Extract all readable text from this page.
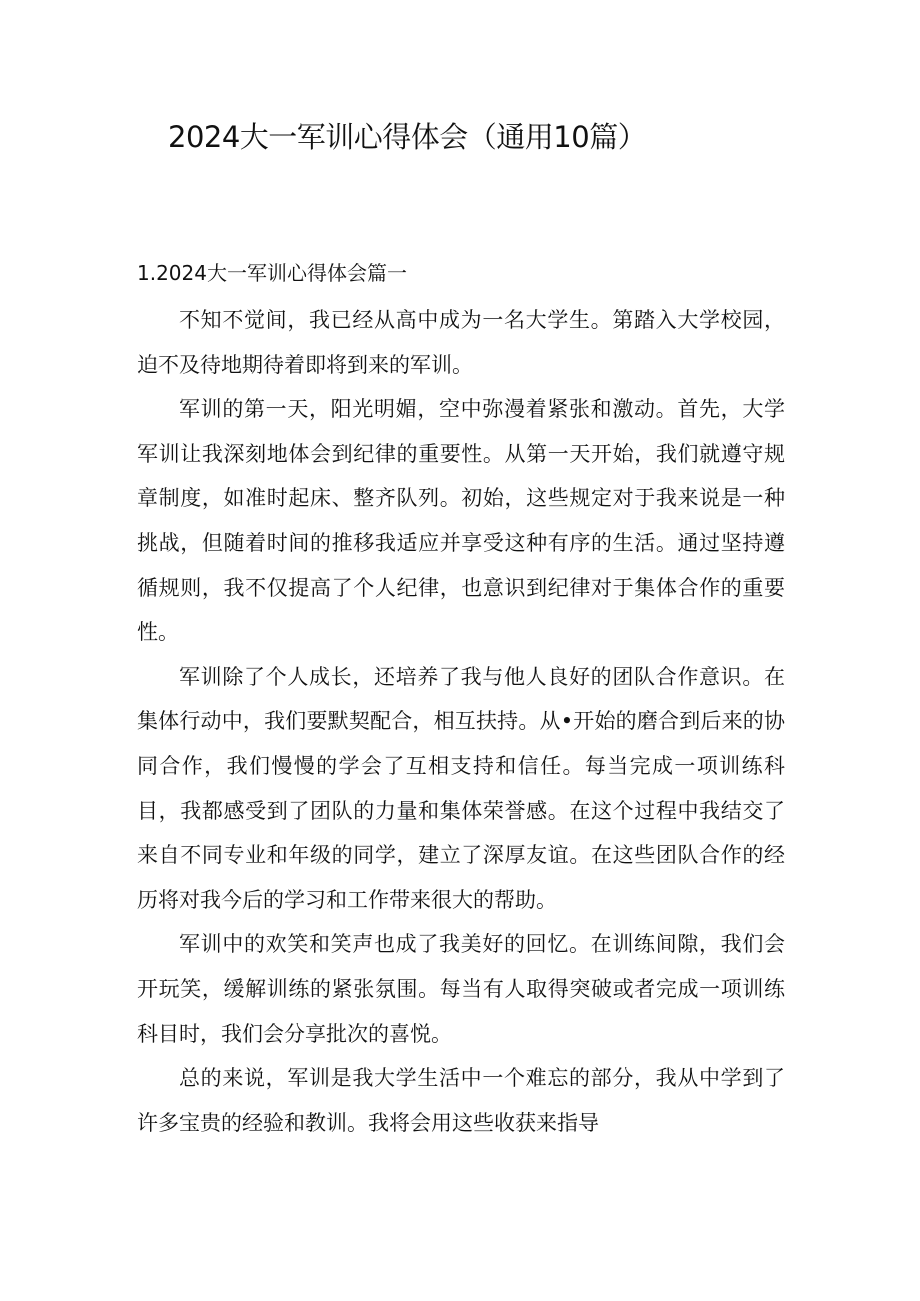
2024大一军训心得体会（通用10篇）
1.2024大一军训心得体会篇一

不知不觉间，我已经从高中成为一名大学生。第踏入大学校园，迫不及待地期待着即将到来的军训。

军训的第一天，阳光明媚，空中弥漫着紧张和激动。首先，大学军训让我深刻地体会到纪律的重要性。从第一天开始，我们就遵守规章制度，如准时起床、整齐队列。初始，这些规定对于我来说是一种挑战，但随着时间的推移我适应并享受这种有序的生活。通过坚持遵循规则，我不仅提高了个人纪律，也意识到纪律对于集体合作的重要性。

军训除了个人成长，还培养了我与他人良好的团队合作意识。在集体行动中，我们要默契配合，相互扶持。从•开始的磨合到后来的协同合作，我们慢慢的学会了互相支持和信任。每当完成一项训练科目，我都感受到了团队的力量和集体荣誉感。在这个过程中我结交了来自不同专业和年级的同学，建立了深厚友谊。在这些团队合作的经历将对我今后的学习和工作带来很大的帮助。

军训中的欢笑和笑声也成了我美好的回忆。在训练间隙，我们会开玩笑，缓解训练的紧张氛围。每当有人取得突破或者完成一项训练科目时，我们会分享批次的喜悦。

总的来说，军训是我大学生活中一个难忘的部分，我从中学到了许多宝贵的经验和教训。我将会用这些收获来指导
